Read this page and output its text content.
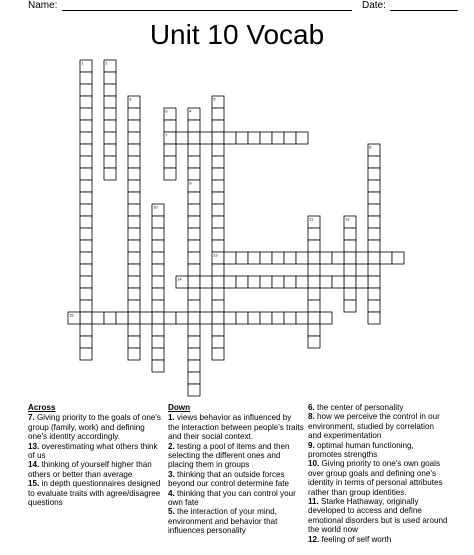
Name:	Date:
Unit 10 Vocab
1	2
3
4
5
6
7
8
9
10
11	12
13
14
15
Across

7. Giving priority to the goals of one's group (family, work) and defining one's identity accordingly.

13. overestimating what others think of us

14. thinking of yourself higher than others or better than average

15. in depth questionnaires designed to evaluate traits with agree/disagree questions

Down

1. views behavior as influenced by the interaction between people's traits and their social context.

2. testing a pool of items and then selecting the different ones and placing them in groups

3. thinking that an outside forces beyond our control determine fate

4. thinking that you can control your own fate

5. the interaction of your mind, environment and behavior that influences personality

6. the center of personality

8. how we perceive the control in our environment, studied by correlation and experimentation

9. optimal human functioning, promotes strengths

10. Giving priority to one's own goals over group goals and defining one's identity in terms of personal attributes rather than group identities.

11. Starke Hathaway, originally developed to access and define emotional disorders but is used around the world now

12. feeling of self worth
